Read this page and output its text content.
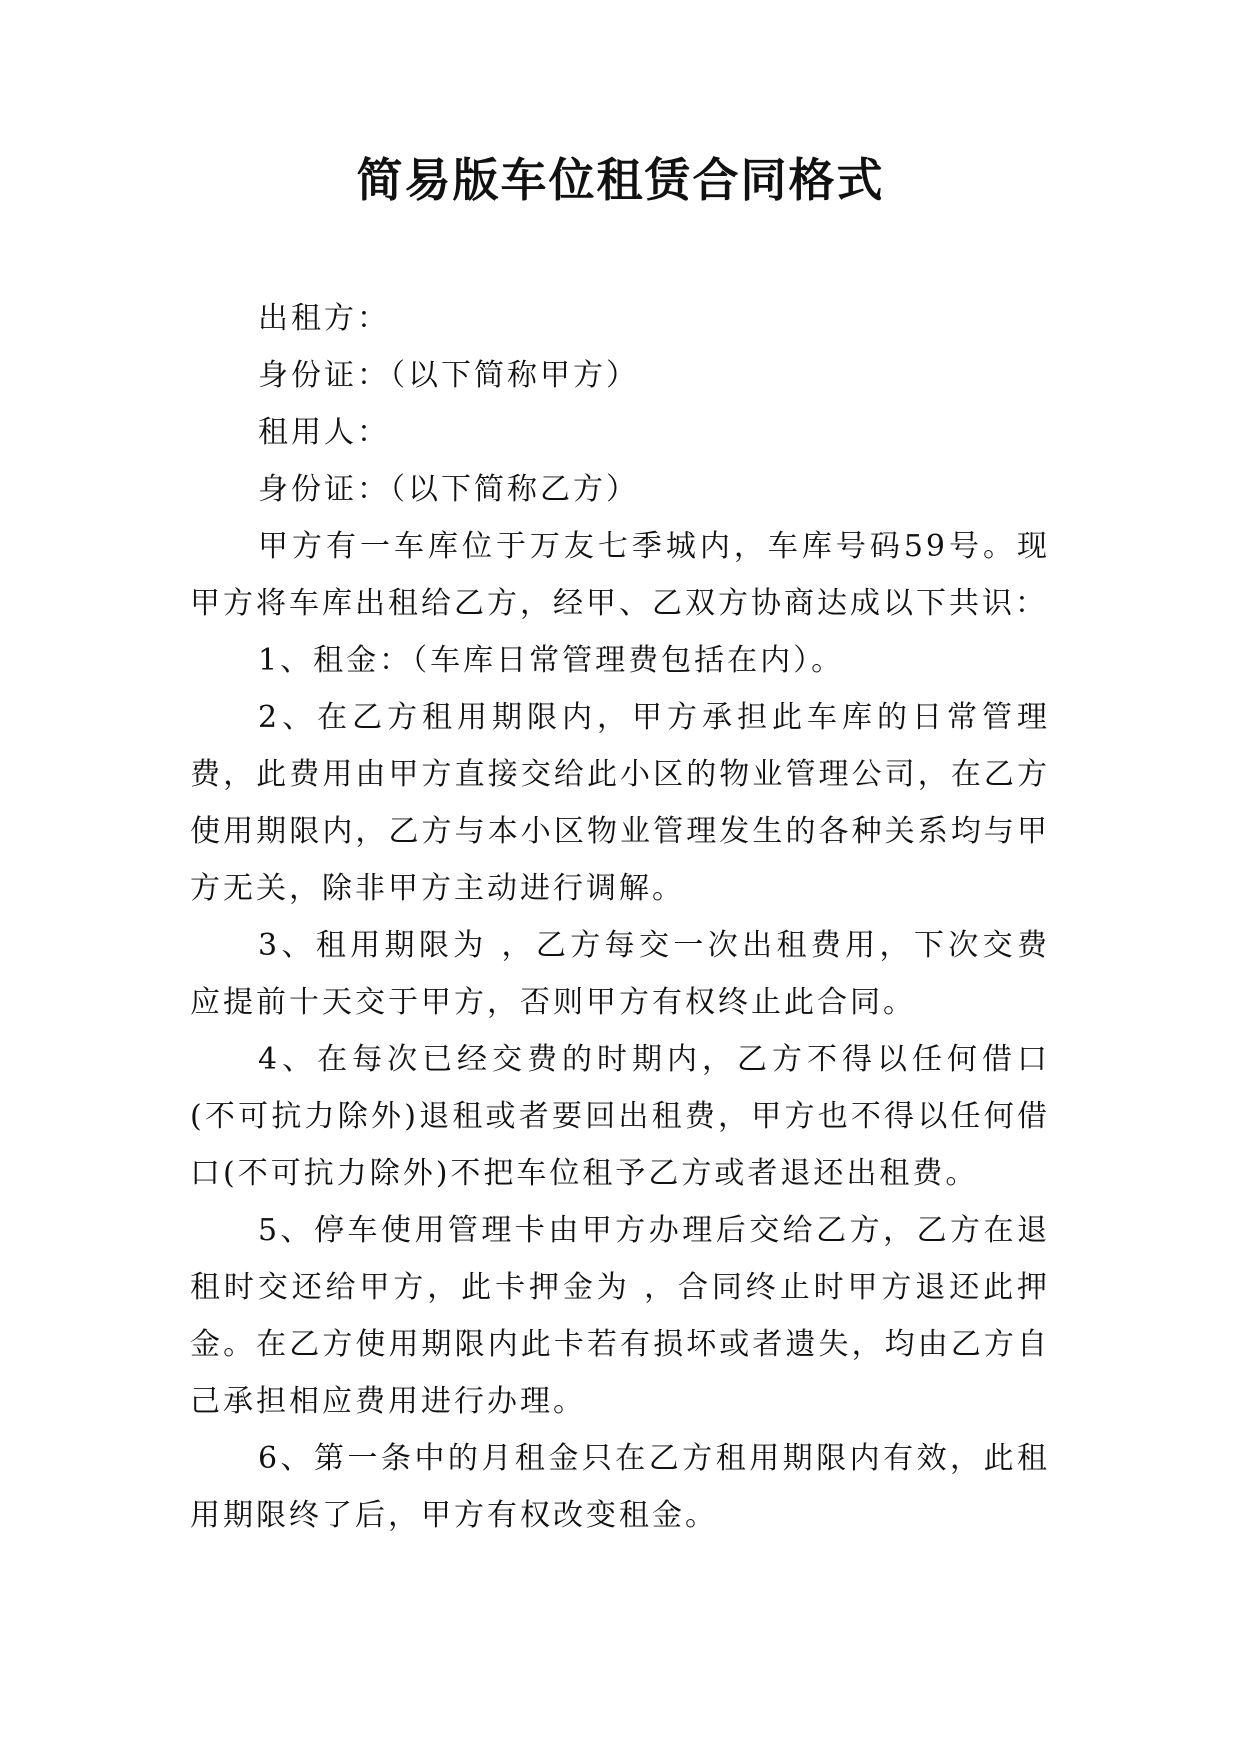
简易版车位租赁合同格式

出租方：

身份证：（以下简称甲方）

租用人：

身份证：（以下简称乙方）

甲方有一车库位于万友七季城内，车库号码59号。现甲方将车库出租给乙方，经甲、乙双方协商达成以下共识：

1、租金：（车库日常管理费包括在内）。

2、在乙方租用期限内，甲方承担此车库的日常管理费，此费用由甲方直接交给此小区的物业管理公司，在乙方使用期限内，乙方与本小区物业管理发生的各种关系均与甲方无关，除非甲方主动进行调解。

3、租用期限为 ，乙方每交一次出租费用，下次交费应提前十天交于甲方，否则甲方有权终止此合同。

4、在每次已经交费的时期内，乙方不得以任何借口(不可抗力除外)退租或者要回出租费，甲方也不得以任何借口(不可抗力除外)不把车位租予乙方或者退还出租费。

5、停车使用管理卡由甲方办理后交给乙方，乙方在退租时交还给甲方，此卡押金为 ，合同终止时甲方退还此押金。在乙方使用期限内此卡若有损坏或者遗失，均由乙方自己承担相应费用进行办理。

6、第一条中的月租金只在乙方租用期限内有效，此租用期限终了后，甲方有权改变租金。
